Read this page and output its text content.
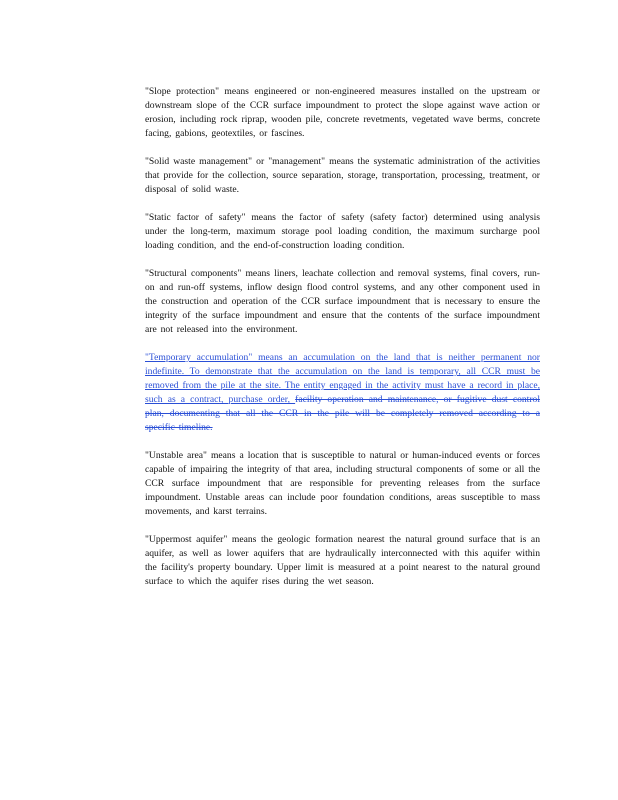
"Slope protection" means engineered or non-engineered measures installed on the upstream or downstream slope of the CCR surface impoundment to protect the slope against wave action or erosion, including rock riprap, wooden pile, concrete revetments, vegetated wave berms, concrete facing, gabions, geotextiles, or fascines.

"Solid waste management" or "management" means the systematic administration of the activities that provide for the collection, source separation, storage, transportation, processing, treatment, or disposal of solid waste.

"Static factor of safety" means the factor of safety (safety factor) determined using analysis under the long-term, maximum storage pool loading condition, the maximum surcharge pool loading condition, and the end-of-construction loading condition.

"Structural components" means liners, leachate collection and removal systems, final covers, run-on and run-off systems, inflow design flood control systems, and any other component used in the construction and operation of the CCR surface impoundment that is necessary to ensure the integrity of the surface impoundment and ensure that the contents of the surface impoundment are not released into the environment.

"Temporary accumulation" means an accumulation on the land that is neither permanent nor indefinite. To demonstrate that the accumulation on the land is temporary, all CCR must be removed from the pile at the site. The entity engaged in the activity must have a record in place, such as a contract, purchase order, facility operation and maintenance, or fugitive dust control plan, documenting that all the CCR in the pile will be completely removed according to a specific timeline.

"Unstable area" means a location that is susceptible to natural or human-induced events or forces capable of impairing the integrity of that area, including structural components of some or all the CCR surface impoundment that are responsible for preventing releases from the surface impoundment. Unstable areas can include poor foundation conditions, areas susceptible to mass movements, and karst terrains.

"Uppermost aquifer" means the geologic formation nearest the natural ground surface that is an aquifer, as well as lower aquifers that are hydraulically interconnected with this aquifer within the facility's property boundary. Upper limit is measured at a point nearest to the natural ground surface to which the aquifer rises during the wet season.
